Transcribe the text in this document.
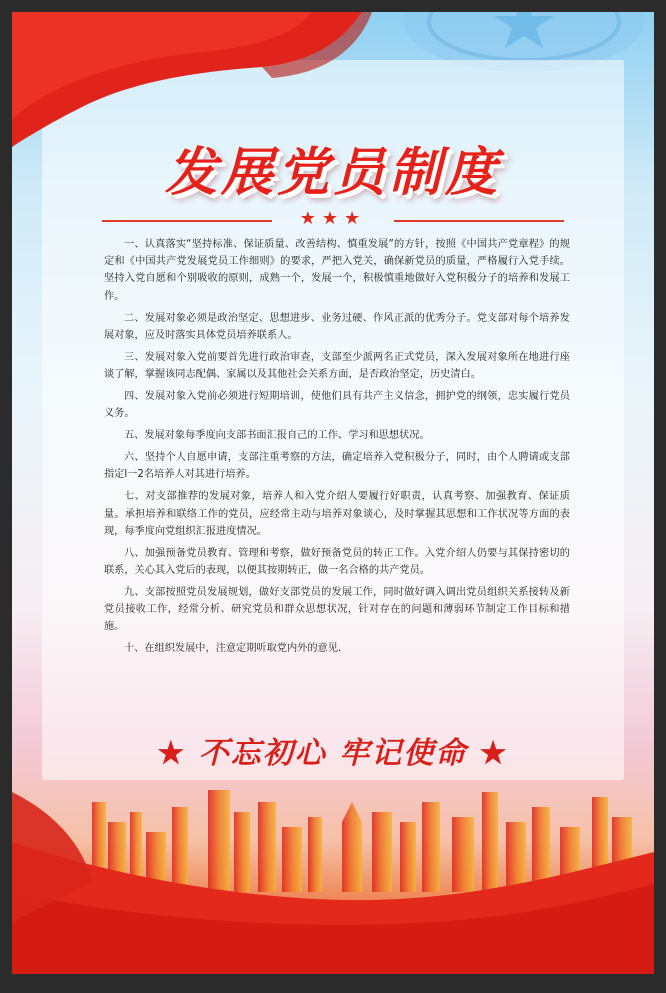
发展党员制度
★★★

一、认真落实“坚持标准、保证质量、改善结构、慎重发展”的方针，按照《中国共产党章程》的规定和《中国共产党发展党员工作细则》的要求，严把入党关，确保新党员的质量，严格履行入党手续。坚持入党自愿和个别吸收的原则，成熟一个，发展一个，积极慎重地做好入党积极分子的培养和发展工作。

二、发展对象必须是政治坚定、思想进步、业务过硬、作风正派的优秀分子。党支部对每个培养发展对象，应及时落实具体党员培养联系人。

三、发展对象入党前要首先进行政治审查，支部至少派两名正式党员，深入发展对象所在地进行座谈了解，掌握该同志配偶、家属以及其他社会关系方面，是否政治坚定，历史清白。

四、发展对象入党前必须进行短期培训，使他们具有共产主义信念，拥护党的纲领，忠实履行党员义务。

五、发展对象每季度向支部书面汇报自己的工作、学习和思想状况。

六、坚持个人自愿申请，支部注重考察的方法，确定培养入党积极分子，同时，由个人聘请或支部指定l一2名培养人对其进行培养。

七、对支部推荐的发展对象，培养人和入党介绍人要履行好职责，认真考察、加强教育、保证质量。承担培养和联络工作的党员，应经常主动与培养对象谈心，及时掌握其思想和工作状况等方面的表现，每季度向党组织汇报进度情况。

八、加强预备党员教育、管理和考察，做好预备党员的转正工作。入党介绍人仍要与其保持密切的联系，关心其入党后的表现，以便其按期转正，做一名合格的共产党员。

九、支部按照党员发展规划，做好支部党员的发展工作，同时做好调入调出党员组织关系接转及新党员接收工作，经常分析、研究党员和群众思想状况，针对存在的问题和薄弱环节制定工作目标和措施。

十、在组织发展中，注意定期听取党内外的意见.

★ 不忘初心 牢记使命 ★
